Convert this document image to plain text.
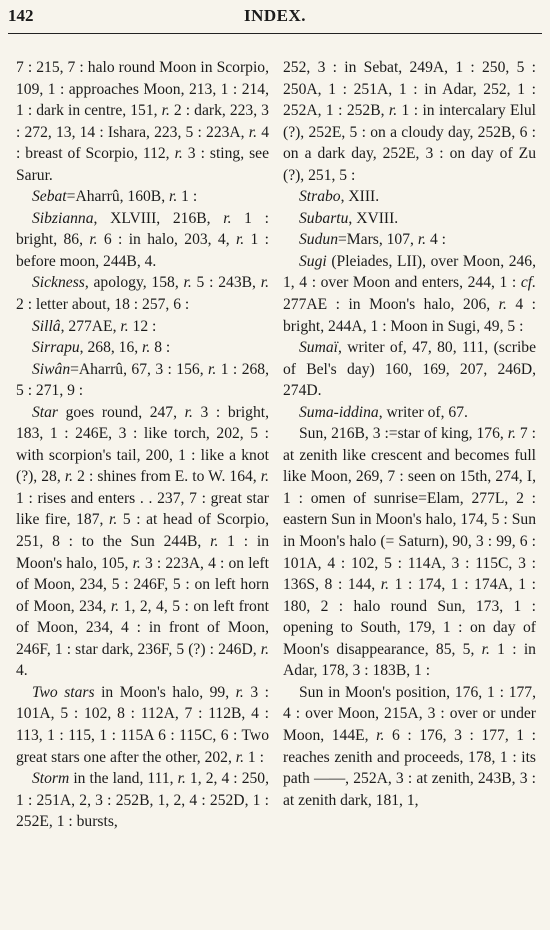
142	INDEX.

7 : 215, 7 : halo round Moon in Scorpio, 109, 1 : approaches Moon, 213, 1 : 214, 1 : dark in centre, 151, r. 2 : dark, 223, 3 : 272, 13, 14 : Ishara, 223, 5 : 223A, r. 4 : breast of Scorpio, 112, r. 3 : sting, see Sarur.

Sebat=Aharrû, 160B, r. 1 :

Sibzianna, XLVIII, 216B, r. 1 : bright, 86, r. 6 : in halo, 203, 4, r. 1 : before moon, 244B, 4.

Sickness, apology, 158, r. 5 : 243B, r. 2 : letter about, 18 : 257, 6 :

Sillâ, 277AE, r. 12 :

Sirrapu, 268, 16, r. 8 :

Siwân=Aharrû, 67, 3 : 156, r. 1 : 268, 5 : 271, 9 :

Star goes round, 247, r. 3 : bright, 183, 1 : 246E, 3 : like torch, 202, 5 : with scorpion's tail, 200, 1 : like a knot (?), 28, r. 2 : shines from E. to W. 164, r. 1 : rises and enters . . 237, 7 : great star like fire, 187, r. 5 : at head of Scorpio, 251, 8 : to the Sun 244B, r. 1 : in Moon's halo, 105, r. 3 : 223A, 4 : on left of Moon, 234, 5 : 246F, 5 : on left horn of Moon, 234, r. 1, 2, 4, 5 : on left front of Moon, 234, 4 : in front of Moon, 246F, 1 : star dark, 236F, 5 (?) : 246D, r. 4.

Two stars in Moon's halo, 99, r. 3 : 101A, 5 : 102, 8 : 112A, 7 : 112B, 4 : 113, 1 : 115, 1 : 115A 6 : 115C, 6 : Two great stars one after the other, 202, r. 1 :

Storm in the land, 111, r. 1, 2, 4 : 250, 1 : 251A, 2, 3 : 252B, 1, 2, 4 : 252D, 1 : 252E, 1 : bursts,

252, 3 : in Sebat, 249A, 1 : 250, 5 : 250A, 1 : 251A, 1 : in Adar, 252, 1 : 252A, 1 : 252B, r. 1 : in intercalary Elul (?), 252E, 5 : on a cloudy day, 252B, 6 : on a dark day, 252E, 3 : on day of Zu (?), 251, 5 :

Strabo, XIII.

Subartu, XVIII.

Sudun=Mars, 107, r. 4 :

Sugi (Pleiades, LII), over Moon, 246, 1, 4 : over Moon and enters, 244, 1 : cf. 277AE : in Moon's halo, 206, r. 4 : bright, 244A, 1 : Moon in Sugi, 49, 5 :

Sumaï, writer of, 47, 80, 111, (scribe of Bel's day) 160, 169, 207, 246D, 274D.

Suma-iddina, writer of, 67.

Sun, 216B, 3 :=star of king, 176, r. 7 : at zenith like crescent and becomes full like Moon, 269, 7 : seen on 15th, 274, I, 1 : omen of sunrise=Elam, 277L, 2 : eastern Sun in Moon's halo, 174, 5 : Sun in Moon's halo (= Saturn), 90, 3 : 99, 6 : 101A, 4 : 102, 5 : 114A, 3 : 115C, 3 : 136S, 8 : 144, r. 1 : 174, 1 : 174A, 1 : 180, 2 : halo round Sun, 173, 1 : opening to South, 179, 1 : on day of Moon's disappearance, 85, 5, r. 1 : in Adar, 178, 3 : 183B, 1 :

Sun in Moon's position, 176, 1 : 177, 4 : over Moon, 215A, 3 : over or under Moon, 144E, r. 6 : 176, 3 : 177, 1 : reaches zenith and proceeds, 178, 1 : its path ——, 252A, 3 : at zenith, 243B, 3 : at zenith dark, 181, 1,
